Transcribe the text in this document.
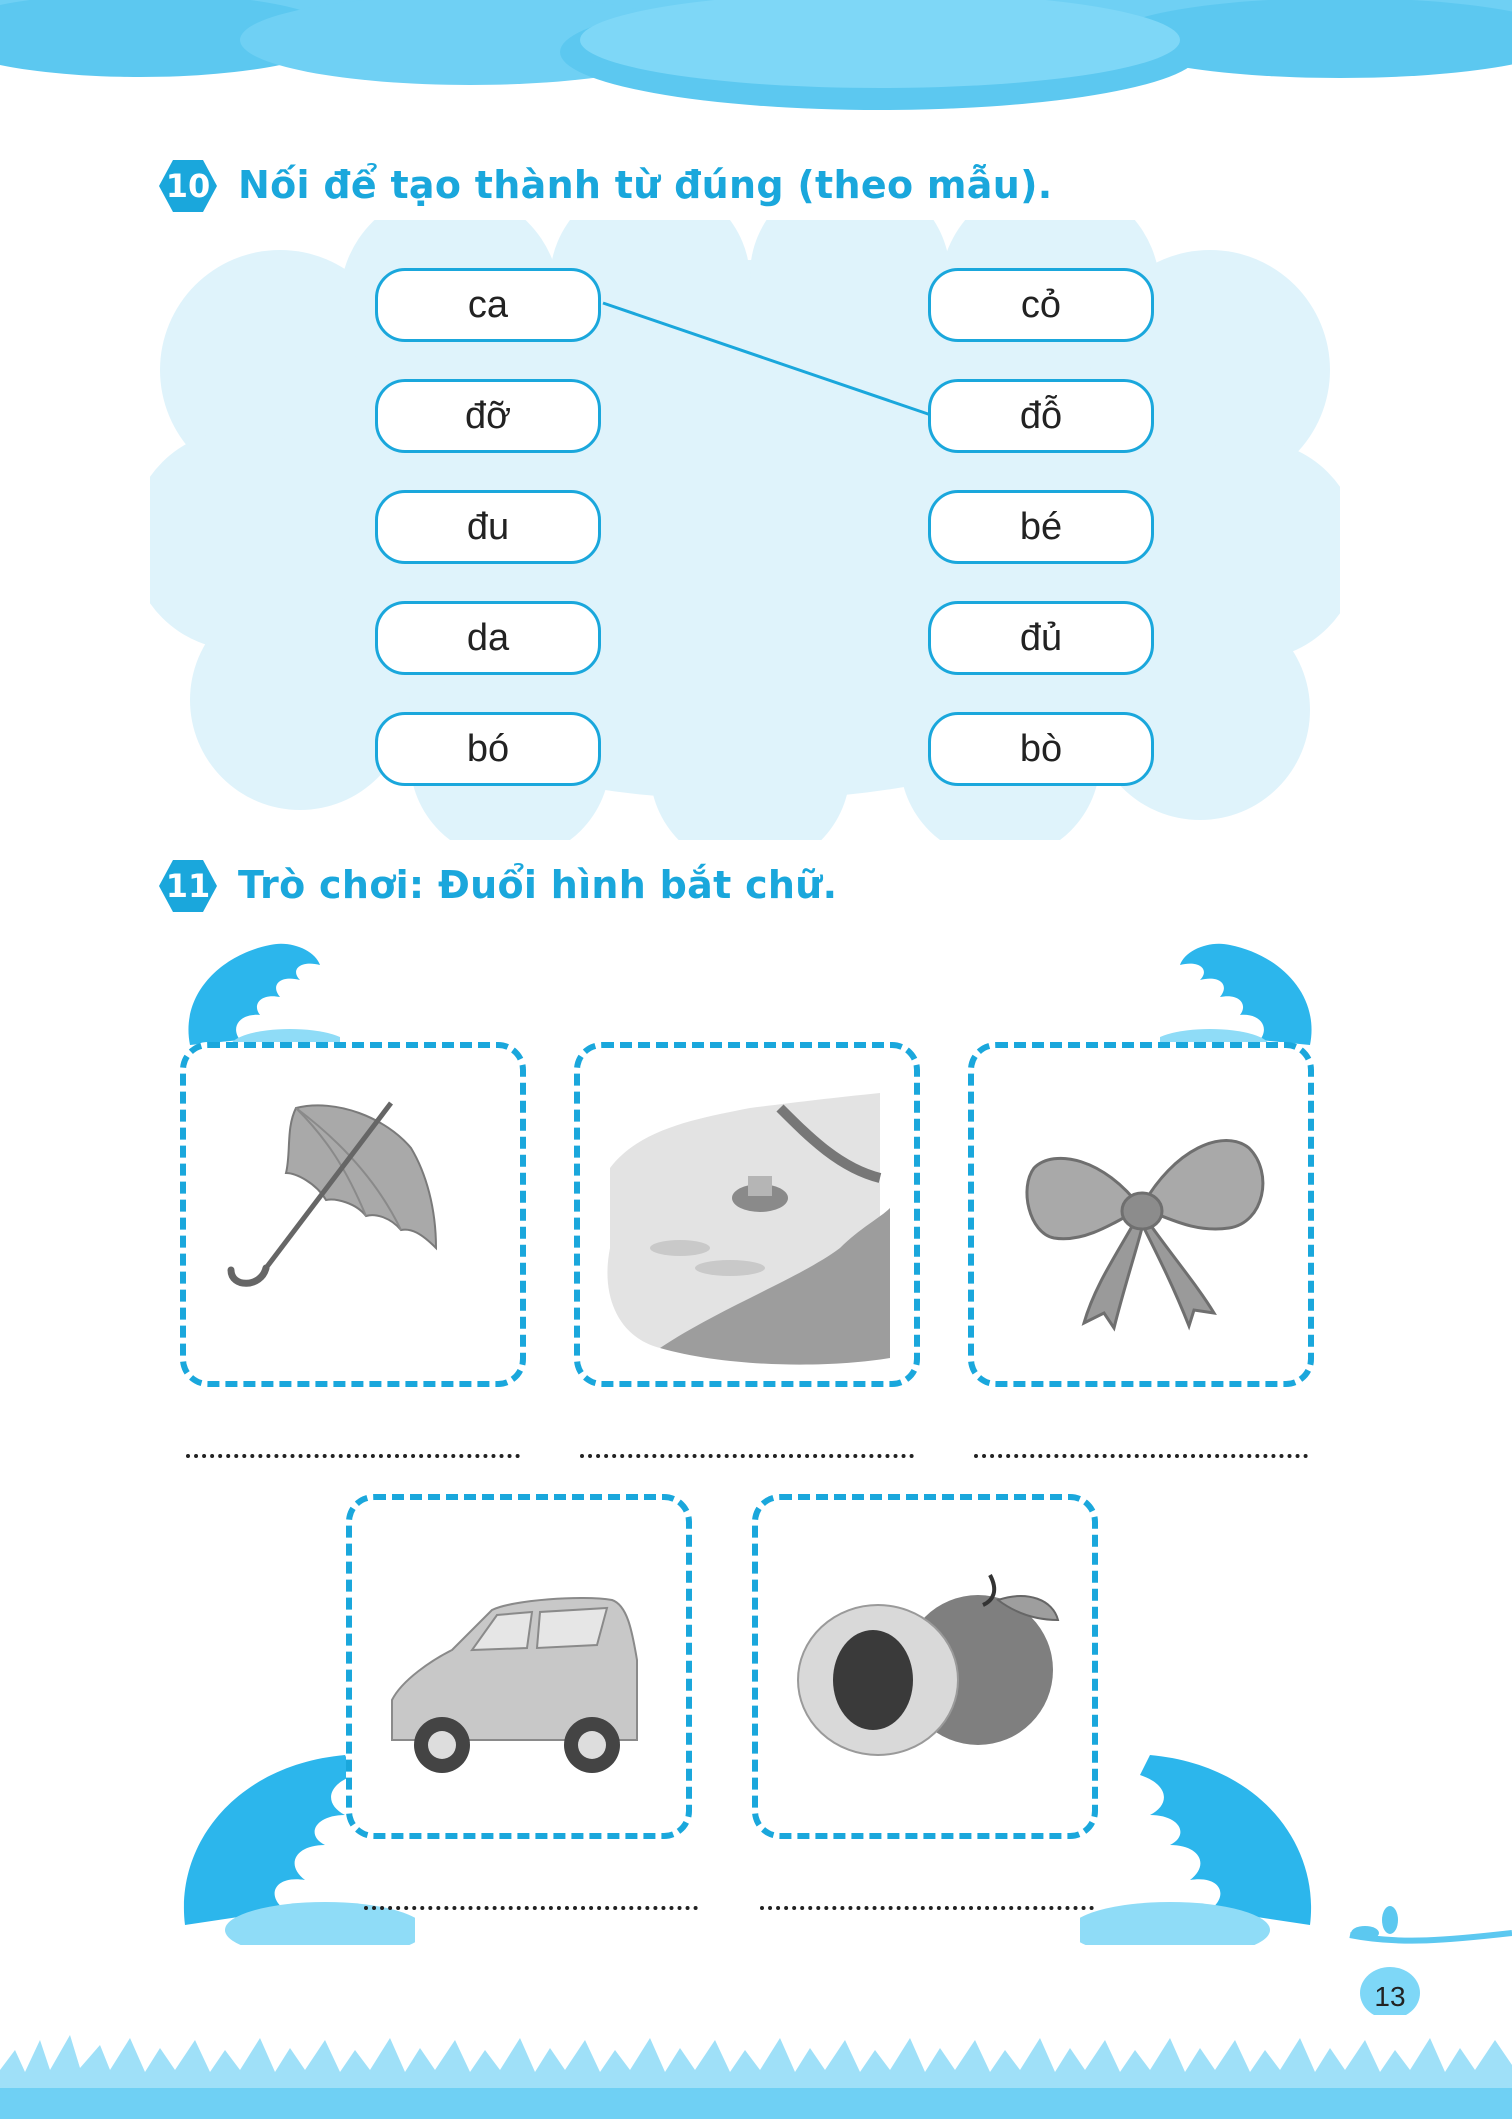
10 Nối để tạo thành từ đúng (theo mẫu).
ca
đỡ
đu
da
bó
cỏ
đỗ
bé
đủ
bò
11 Trò chơi: Đuổi hình bắt chữ.
13
